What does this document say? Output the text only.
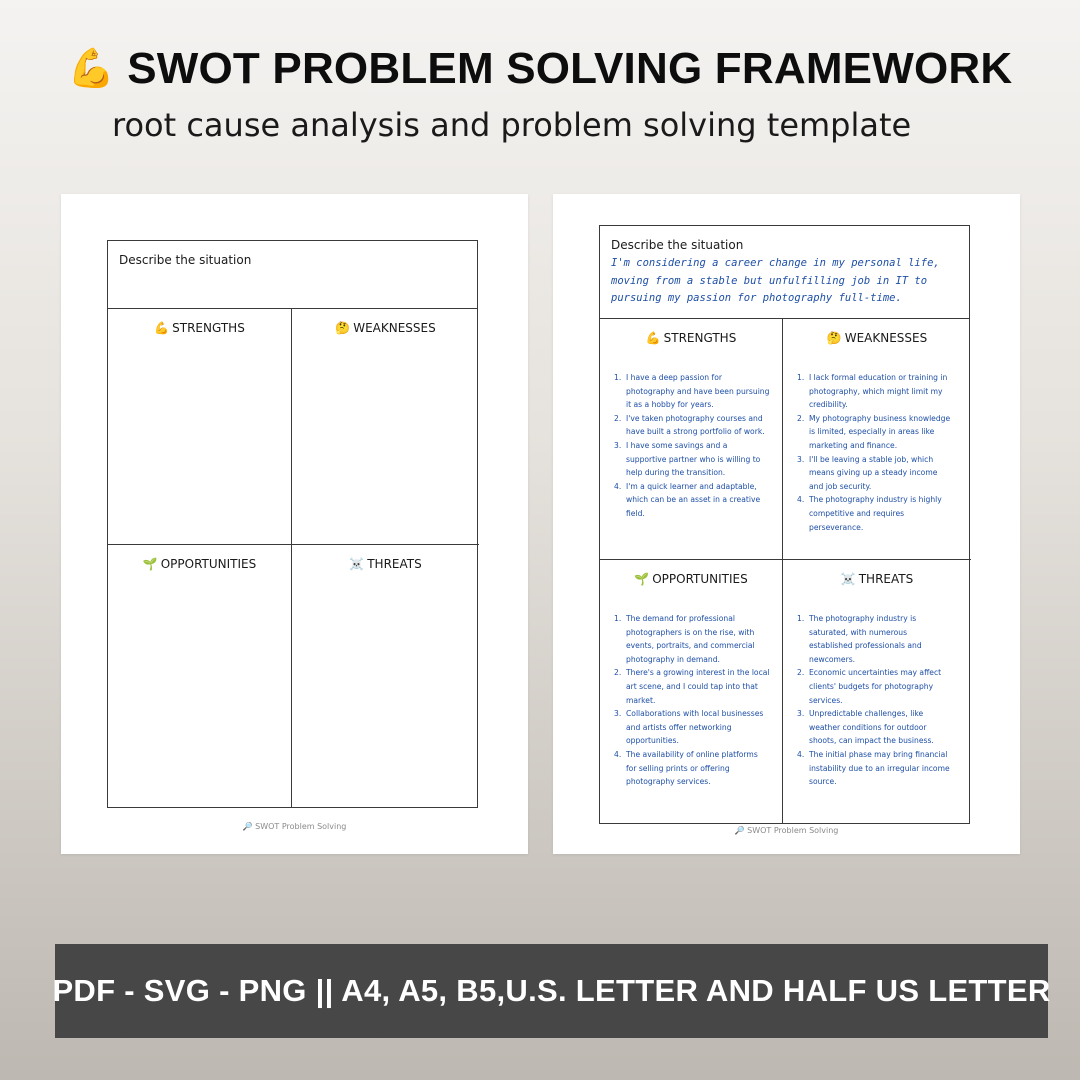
💪 SWOT PROBLEM SOLVING FRAMEWORK
root cause analysis and problem solving template
Describe the situation
💪 STRENGTHS	🤔 WEAKNESSES
🌱 OPPORTUNITIES	☠️ THREATS
🔎 SWOT Problem Solving
Describe the situation
I'm considering a career change in my personal life, moving from a stable but unfulfilling job in IT to pursuing my passion for photography full-time.
💪 STRENGTHS
1. I have a deep passion for photography and have been pursuing it as a hobby for years.
2. I've taken photography courses and have built a strong portfolio of work.
3. I have some savings and a supportive partner who is willing to help during the transition.
4. I'm a quick learner and adaptable, which can be an asset in a creative field.
🤔 WEAKNESSES
1. I lack formal education or training in photography, which might limit my credibility.
2. My photography business knowledge is limited, especially in areas like marketing and finance.
3. I'll be leaving a stable job, which means giving up a steady income and job security.
4. The photography industry is highly competitive and requires perseverance.
🌱 OPPORTUNITIES
1. The demand for professional photographers is on the rise, with events, portraits, and commercial photography in demand.
2. There's a growing interest in the local art scene, and I could tap into that market.
3. Collaborations with local businesses and artists offer networking opportunities.
4. The availability of online platforms for selling prints or offering photography services.
☠️ THREATS
1. The photography industry is saturated, with numerous established professionals and newcomers.
2. Economic uncertainties may affect clients' budgets for photography services.
3. Unpredictable challenges, like weather conditions for outdoor shoots, can impact the business.
4. The initial phase may bring financial instability due to an irregular income source.
🔎 SWOT Problem Solving
PDF - SVG - PNG || A4, A5, B5,U.S. LETTER AND HALF US LETTER
